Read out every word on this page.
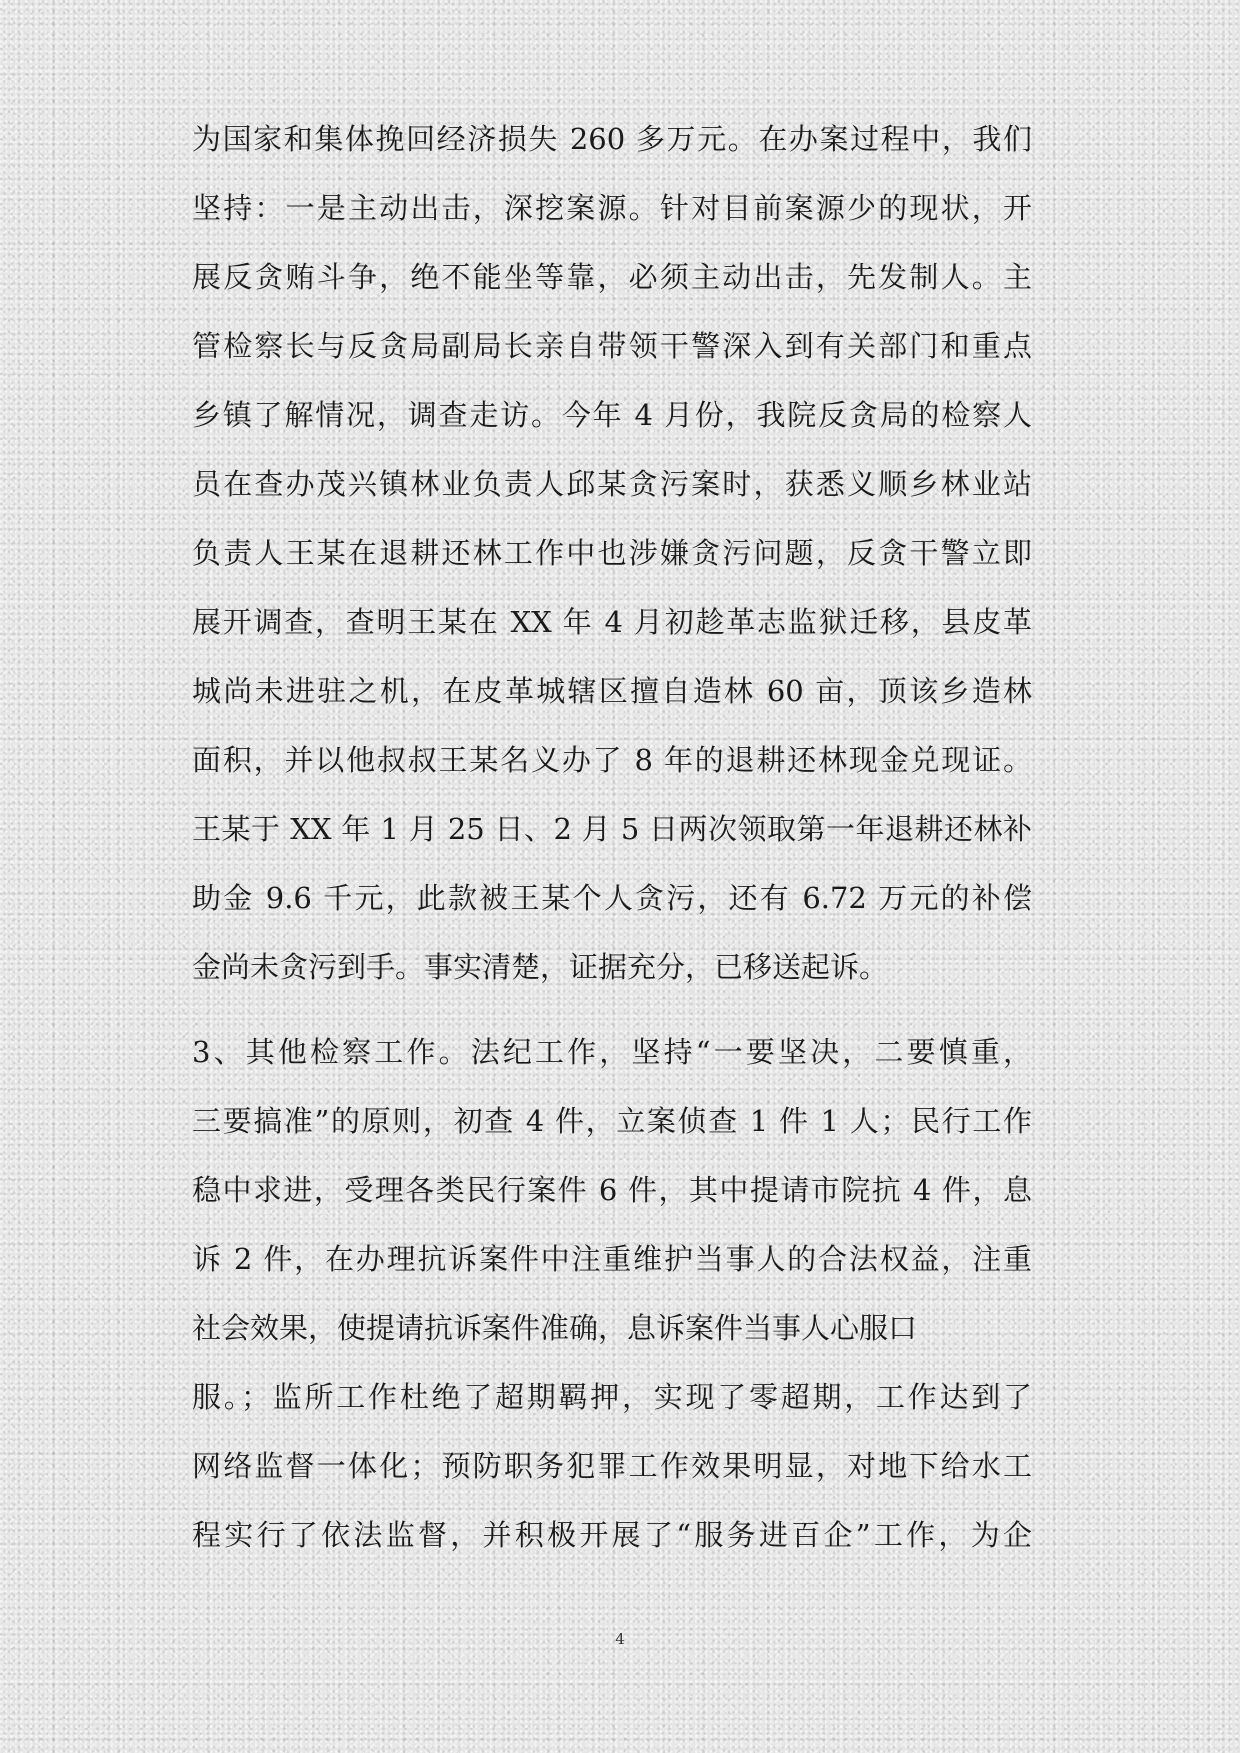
为国家和集体挽回经济损失 260 多万元。在办案过程中，我们
坚持：一是主动出击，深挖案源。针对目前案源少的现状，开
展反贪贿斗争，绝不能坐等靠，必须主动出击，先发制人。主
管检察长与反贪局副局长亲自带领干警深入到有关部门和重点
乡镇了解情况，调查走访。今年 4 月份，我院反贪局的检察人
员在查办茂兴镇林业负责人邱某贪污案时，获悉义顺乡林业站
负责人王某在退耕还林工作中也涉嫌贪污问题，反贪干警立即
展开调查，查明王某在 XX 年 4 月初趁革志监狱迁移，县皮革
城尚未进驻之机，在皮革城辖区擅自造林 60 亩，顶该乡造林
面积，并以他叔叔王某名义办了 8 年的退耕还林现金兑现证。
王某于 XX 年 1 月 25 日、2 月 5 日两次领取第一年退耕还林补
助金 9.6 千元，此款被王某个人贪污，还有 6.72 万元的补偿
金尚未贪污到手。事实清楚，证据充分，已移送起诉。
3、其他检察工作。法纪工作，坚持“一要坚决，二要慎重，
三要搞准”的原则，初查 4 件，立案侦查 1 件 1 人；民行工作
稳中求进，受理各类民行案件 6 件，其中提请市院抗 4 件，息
诉 2 件，在办理抗诉案件中注重维护当事人的合法权益，注重
社会效果，使提请抗诉案件准确，息诉案件当事人心服口
服。；监所工作杜绝了超期羁押，实现了零超期，工作达到了
网络监督一体化；预防职务犯罪工作效果明显，对地下给水工
程实行了依法监督，并积极开展了“服务进百企”工作，为企
4
